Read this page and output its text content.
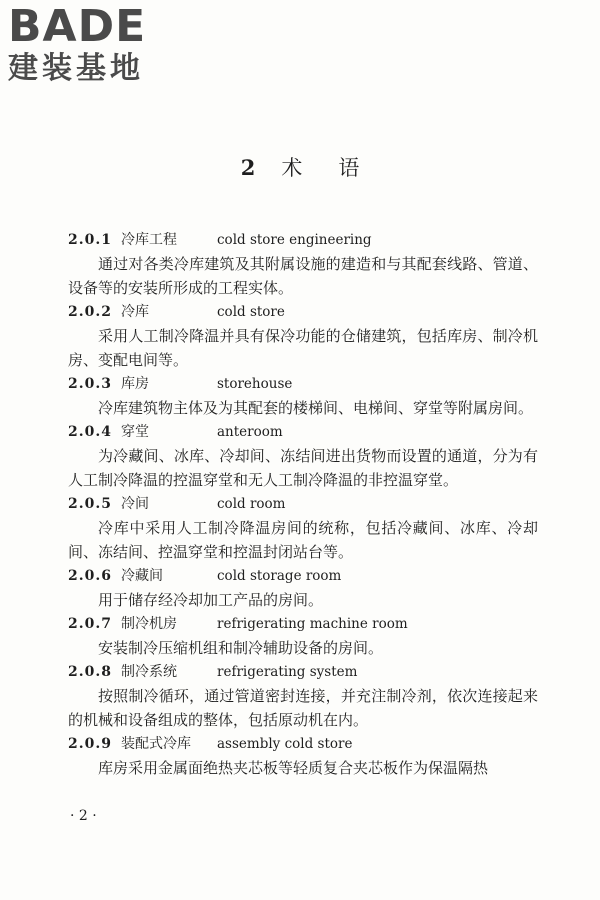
BADE
建装基地
2 术 语
2.0.1 冷库工程	cold store engineering

通过对各类冷库建筑及其附属设施的建造和与其配套线路、管道、设备等的安装所形成的工程实体。

2.0.2 冷库	cold store

采用人工制冷降温并具有保冷功能的仓储建筑，包括库房、制冷机房、变配电间等。

2.0.3 库房	storehouse

冷库建筑物主体及为其配套的楼梯间、电梯间、穿堂等附属房间。

2.0.4 穿堂	anteroom

为冷藏间、冰库、冷却间、冻结间进出货物而设置的通道，分为有人工制冷降温的控温穿堂和无人工制冷降温的非控温穿堂。

2.0.5 冷间	cold room

冷库中采用人工制冷降温房间的统称，包括冷藏间、冰库、冷却间、冻结间、控温穿堂和控温封闭站台等。

2.0.6 冷藏间	cold storage room

用于储存经冷却加工产品的房间。

2.0.7 制冷机房	refrigerating machine room

安装制冷压缩机组和制冷辅助设备的房间。

2.0.8 制冷系统	refrigerating system

按照制冷循环，通过管道密封连接，并充注制冷剂，依次连接起来的机械和设备组成的整体，包括原动机在内。

2.0.9 装配式冷库 assembly cold store

库房采用金属面绝热夹芯板等轻质复合夹芯板作为保温隔热

· 2 ·
